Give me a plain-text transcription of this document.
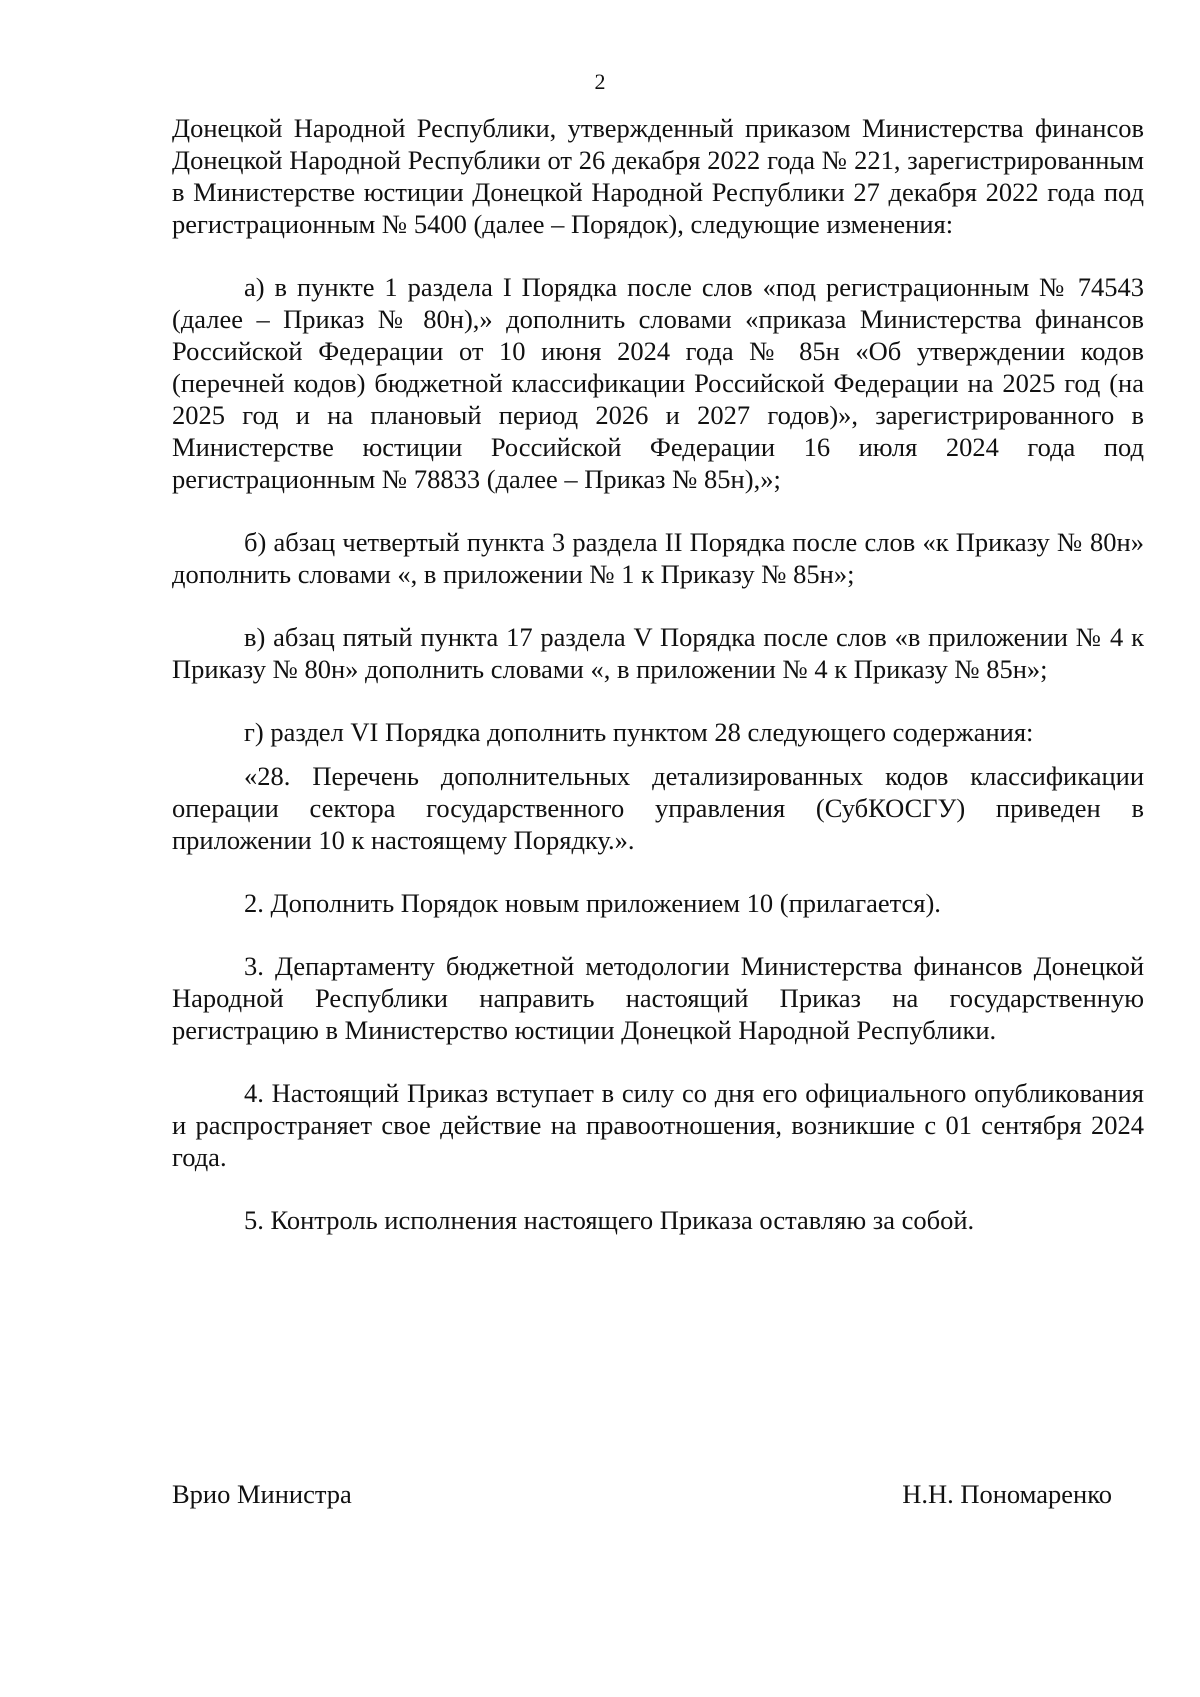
2

Донецкой Народной Республики, утвержденный приказом Министерства финансов Донецкой Народной Республики от 26 декабря 2022 года № 221, зарегистрированным в Министерстве юстиции Донецкой Народной Республики 27 декабря 2022 года под регистрационным № 5400 (далее – Порядок), следующие изменения:

а) в пункте 1 раздела I Порядка после слов «под регистрационным № 74543 (далее – Приказ № 80н),» дополнить словами «приказа Министерства финансов Российской Федерации от 10 июня 2024 года № 85н «Об утверждении кодов (перечней кодов) бюджетной классификации Российской Федерации на 2025 год (на 2025 год и на плановый период 2026 и 2027 годов)», зарегистрированного в Министерстве юстиции Российской Федерации 16 июля 2024 года под регистрационным № 78833 (далее – Приказ № 85н),»;

б) абзац четвертый пункта 3 раздела II Порядка после слов «к Приказу № 80н» дополнить словами «, в приложении № 1 к Приказу № 85н»;

в) абзац пятый пункта 17 раздела V Порядка после слов «в приложении № 4 к Приказу № 80н» дополнить словами «, в приложении № 4 к Приказу № 85н»;

г) раздел VI Порядка дополнить пунктом 28 следующего содержания:

«28. Перечень дополнительных детализированных кодов классификации операции сектора государственного управления (СубКОСГУ) приведен в приложении 10 к настоящему Порядку.».

2. Дополнить Порядок новым приложением 10 (прилагается).

3. Департаменту бюджетной методологии Министерства финансов Донецкой Народной Республики направить настоящий Приказ на государственную регистрацию в Министерство юстиции Донецкой Народной Республики.

4. Настоящий Приказ вступает в силу со дня его официального опубликования и распространяет свое действие на правоотношения, возникшие с 01 сентября 2024 года.

5. Контроль исполнения настоящего Приказа оставляю за собой.

Врио Министра	Н.Н. Пономаренко
